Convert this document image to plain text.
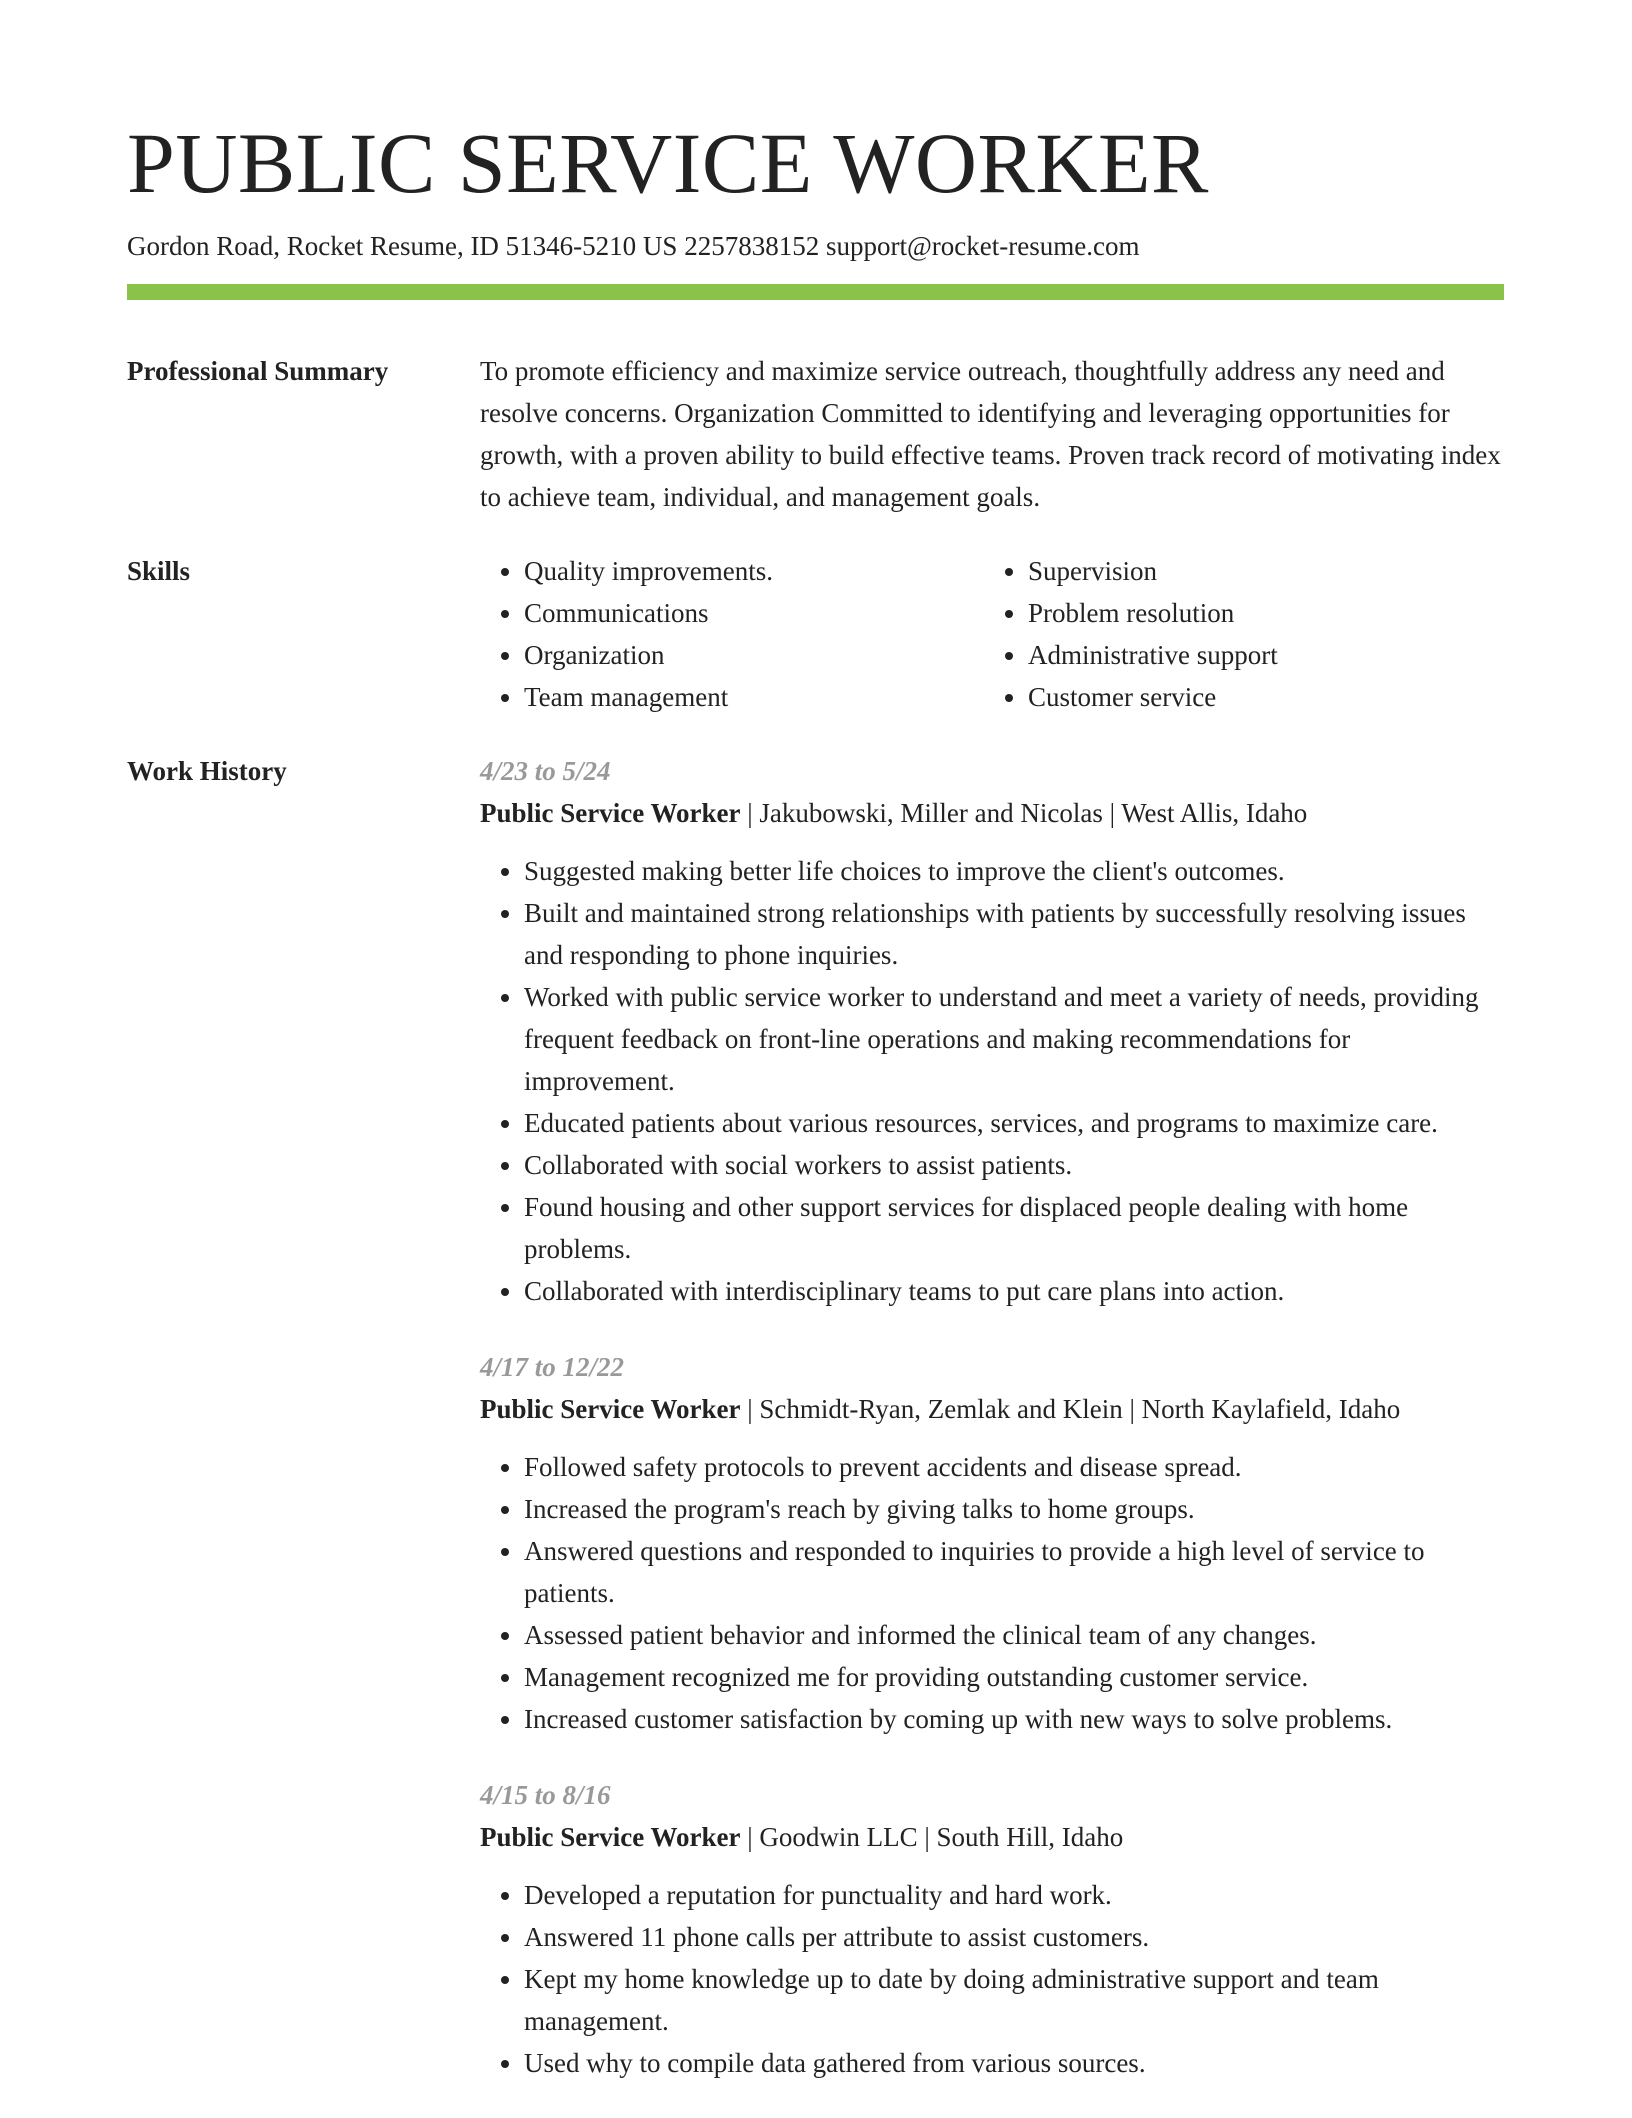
PUBLIC SERVICE WORKER
Gordon Road, Rocket Resume, ID 51346-5210 US 2257838152 support@rocket-resume.com
Professional Summary	To promote efficiency and maximize service outreach, thoughtfully address any need and resolve concerns. Organization Committed to identifying and leveraging opportunities for growth, with a proven ability to build effective teams. Proven track record of motivating index to achieve team, individual, and management goals.
Skills
•	Quality improvements.
• Communications
• Organization
• Team management
• Supervision
• Problem resolution
• Administrative support
• Customer service
Work History	4/23 to 5/24
Public Service Worker | Jakubowski, Miller and Nicolas | West Allis, Idaho
• Suggested making better life choices to improve the client's outcomes.
• Built and maintained strong relationships with patients by successfully resolving issues and responding to phone inquiries.
• Worked with public service worker to understand and meet a variety of needs, providing frequent feedback on front-line operations and making recommendations for improvement.
• Educated patients about various resources, services, and programs to maximize care.
• Collaborated with social workers to assist patients.
• Found housing and other support services for displaced people dealing with home problems.
• Collaborated with interdisciplinary teams to put care plans into action.
4/17 to 12/22
Public Service Worker | Schmidt-Ryan, Zemlak and Klein | North Kaylafield, Idaho
• Followed safety protocols to prevent accidents and disease spread.
• Increased the program's reach by giving talks to home groups.
• Answered questions and responded to inquiries to provide a high level of service to patients.
• Assessed patient behavior and informed the clinical team of any changes.
• Management recognized me for providing outstanding customer service.
• Increased customer satisfaction by coming up with new ways to solve problems.
4/15 to 8/16
Public Service Worker | Goodwin LLC | South Hill, Idaho
• Developed a reputation for punctuality and hard work.
• Answered 11 phone calls per attribute to assist customers.
• Kept my home knowledge up to date by doing administrative support and team management.
• Used why to compile data gathered from various sources.
